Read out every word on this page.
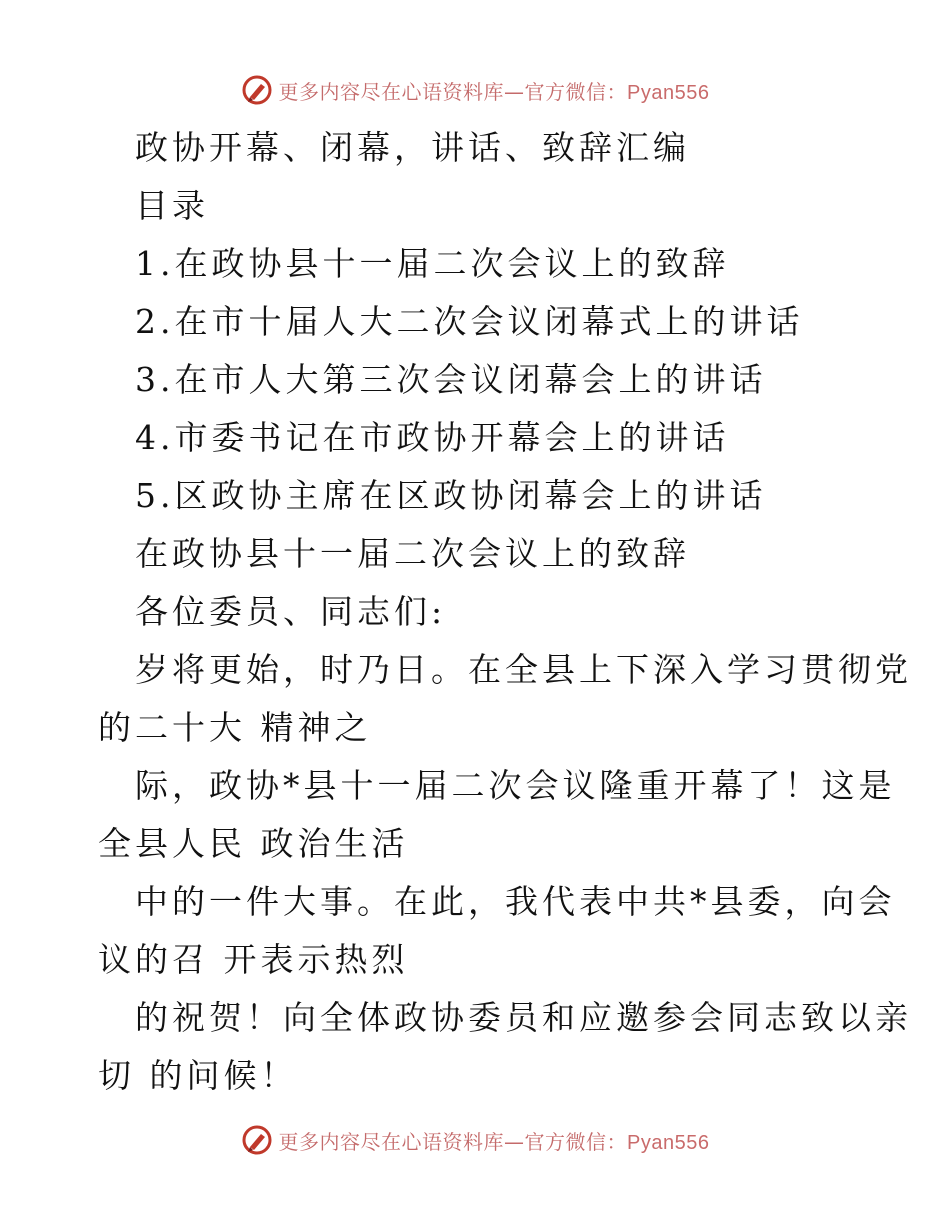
更多内容尽在心语资料库—官方微信：Pyan556
政协开幕、闭幕，讲话、致辞汇编
目录
1.在政协县十一届二次会议上的致辞
2.在市十届人大二次会议闭幕式上的讲话
3.在市人大第三次会议闭幕会上的讲话
4.市委书记在市政协开幕会上的讲话
5.区政协主席在区政协闭幕会上的讲话
在政协县十一届二次会议上的致辞
各位委员、同志们:
岁将更始，时乃日。在全县上下深入学习贯彻党
的二十大 精神之
际，政协*县十一届二次会议隆重开幕了！这是
全县人民 政治生活
中的一件大事。在此，我代表中共*县委，向会
议的召 开表示热烈
的祝贺！向全体政协委员和应邀参会同志致以亲
切 的问候！
更多内容尽在心语资料库—官方微信：Pyan556
